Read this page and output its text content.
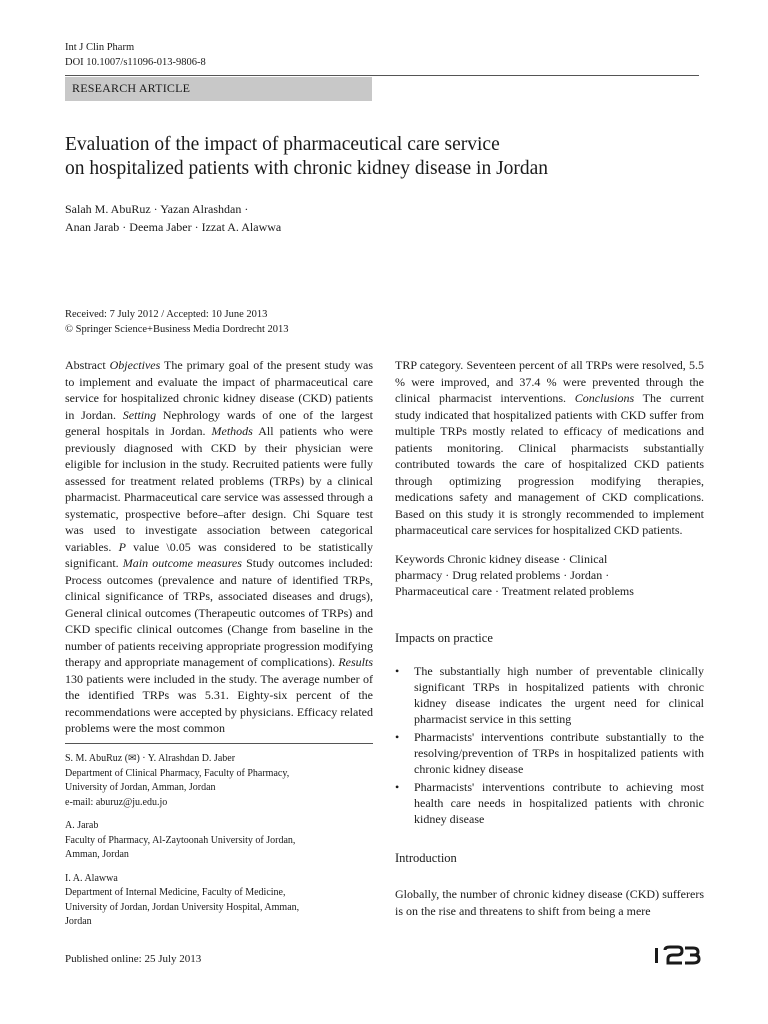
Int J Clin Pharm
DOI 10.1007/s11096-013-9806-8
RESEARCH ARTICLE
Evaluation of the impact of pharmaceutical care service
on hospitalized patients with chronic kidney disease in Jordan
Salah M. AbuRuz · Yazan Alrashdan ·
Anan Jarab · Deema Jaber · Izzat A. Alawwa
Received: 7 July 2012 / Accepted: 10 June 2013
© Springer Science+Business Media Dordrecht 2013

Abstract Objectives The primary goal of the present study was to implement and evaluate the impact of pharmaceutical care service for hospitalized chronic kidney disease (CKD) patients in Jordan. Setting Nephrology wards of one of the largest general hospitals in Jordan. Methods All patients who were previously diagnosed with CKD by their physician were eligible for inclusion in the study. Recruited patients were fully assessed for treatment related problems (TRPs) by a clinical pharmacist. Pharmaceutical care service was assessed through a systematic, prospective before–after design. Chi Square test was used to investigate association between categorical variables. P value \0.05 was considered to be statistically significant. Main outcome measures Study outcomes included: Process outcomes (prevalence and nature of identified TRPs, clinical significance of TRPs, associated diseases and drugs), General clinical outcomes (Therapeutic outcomes of TRPs) and CKD specific clinical outcomes (Change from baseline in the number of patients receiving appropriate progression modifying therapy and appropriate management of complications). Results 130 patients were included in the study. The average number of the identified TRPs was 5.31. Eighty-six percent of the recommendations were accepted by physicians. Efficacy related problems were the most common

S. M. AbuRuz (✉) · Y. Alrashdan D. Jaber
Department of Clinical Pharmacy, Faculty of Pharmacy,
University of Jordan, Amman, Jordan
e-mail: aburuz@ju.edu.jo
A. Jarab
Faculty of Pharmacy, Al-Zaytoonah University of Jordan,
Amman, Jordan
I. A. Alawwa
Department of Internal Medicine, Faculty of Medicine,
University of Jordan, Jordan University Hospital, Amman,
Jordan

TRP category. Seventeen percent of all TRPs were resolved, 5.5 % were improved, and 37.4 % were prevented through the clinical pharmacist interventions. Conclusions The current study indicated that hospitalized patients with CKD suffer from multiple TRPs mostly related to efficacy of medications and patients monitoring. Clinical pharmacists substantially contributed towards the care of hospitalized CKD patients through optimizing progression modifying therapies, medications safety and management of CKD complications. Based on this study it is strongly recommended to implement pharmaceutical care services for hospitalized CKD patients.

Keywords Chronic kidney disease · Clinical
pharmacy · Drug related problems · Jordan ·
Pharmaceutical care · Treatment related problems
Impacts on practice
• The substantially high number of preventable clinically significant TRPs in hospitalized patients with chronic kidney disease indicates the urgent need for clinical pharmacist service in this setting
• Pharmacists' interventions contribute substantially to the resolving/prevention of TRPs in hospitalized patients with chronic kidney disease
• Pharmacists' interventions contribute to achieving most health care needs in hospitalized patients with chronic kidney disease
Introduction

Globally, the number of chronic kidney disease (CKD) sufferers is on the rise and threatens to shift from being a mere

Published online: 25 July 2013
